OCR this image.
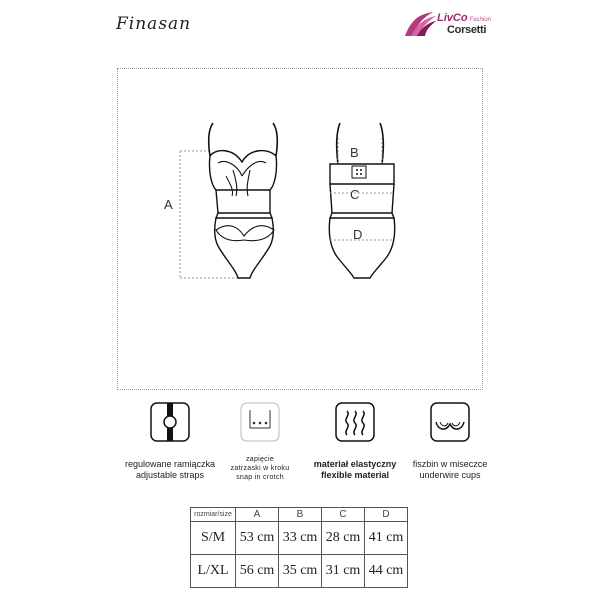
Finasan	LivCo Fashion
Corsetti
A
B
C
D
regulowane ramiączka
adjustable straps
zapięcie
zatrzaski w kroku
snap in crotch
materiał elastyczny
flexible material
fiszbin w miseczce
underwire cups
rozmiar/size	A	B	C	D
S/M	53 cm	33 cm	28 cm	41 cm
L/XL	56 cm	35 cm	31 cm	44 cm
